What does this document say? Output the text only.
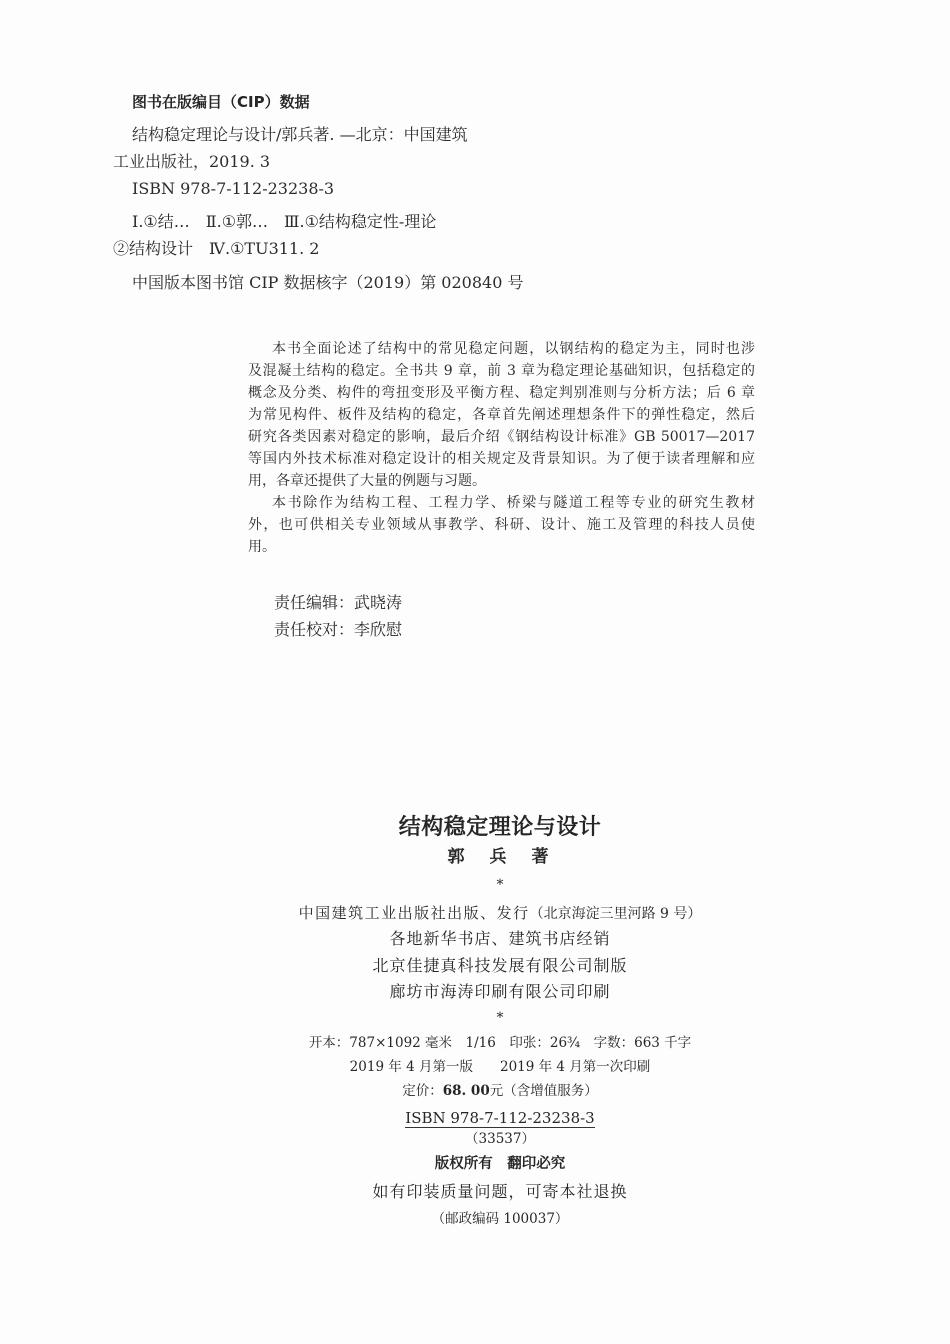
图书在版编目（CIP）数据
结构稳定理论与设计/郭兵著. —北京：中国建筑
工业出版社，2019. 3
ISBN 978-7-112-23238-3
Ⅰ.①结…　Ⅱ.①郭…　Ⅲ.①结构稳定性-理论
②结构设计　Ⅳ.①TU311. 2
中国版本图书馆 CIP 数据核字（2019）第 020840 号
本书全面论述了结构中的常见稳定问题，以钢结构的稳定为主，同时也涉
及混凝土结构的稳定。全书共 9 章，前 3 章为稳定理论基础知识，包括稳定的
概念及分类、构件的弯扭变形及平衡方程、稳定判别准则与分析方法；后 6 章
为常见构件、板件及结构的稳定，各章首先阐述理想条件下的弹性稳定，然后
研究各类因素对稳定的影响，最后介绍《钢结构设计标准》GB 50017—2017
等国内外技术标准对稳定设计的相关规定及背景知识。为了便于读者理解和应
用，各章还提供了大量的例题与习题。
本书除作为结构工程、工程力学、桥梁与隧道工程等专业的研究生教材
外，也可供相关专业领域从事教学、科研、设计、施工及管理的科技人员使
用。
责任编辑：武晓涛
责任校对：李欣慰
结构稳定理论与设计
郭　兵　著
*
中国建筑工业出版社出版、发行（北京海淀三里河路 9 号）
各地新华书店、建筑书店经销
北京佳捷真科技发展有限公司制版
廊坊市海涛印刷有限公司印刷
*
开本：787×1092 毫米　1/16　印张：26¾　字数：663 千字
2019 年 4 月第一版　　2019 年 4 月第一次印刷
定价：68. 00元（含增值服务）
ISBN 978-7-112-23238-3
（33537）
版权所有　翻印必究
如有印装质量问题，可寄本社退换
（邮政编码 100037）
